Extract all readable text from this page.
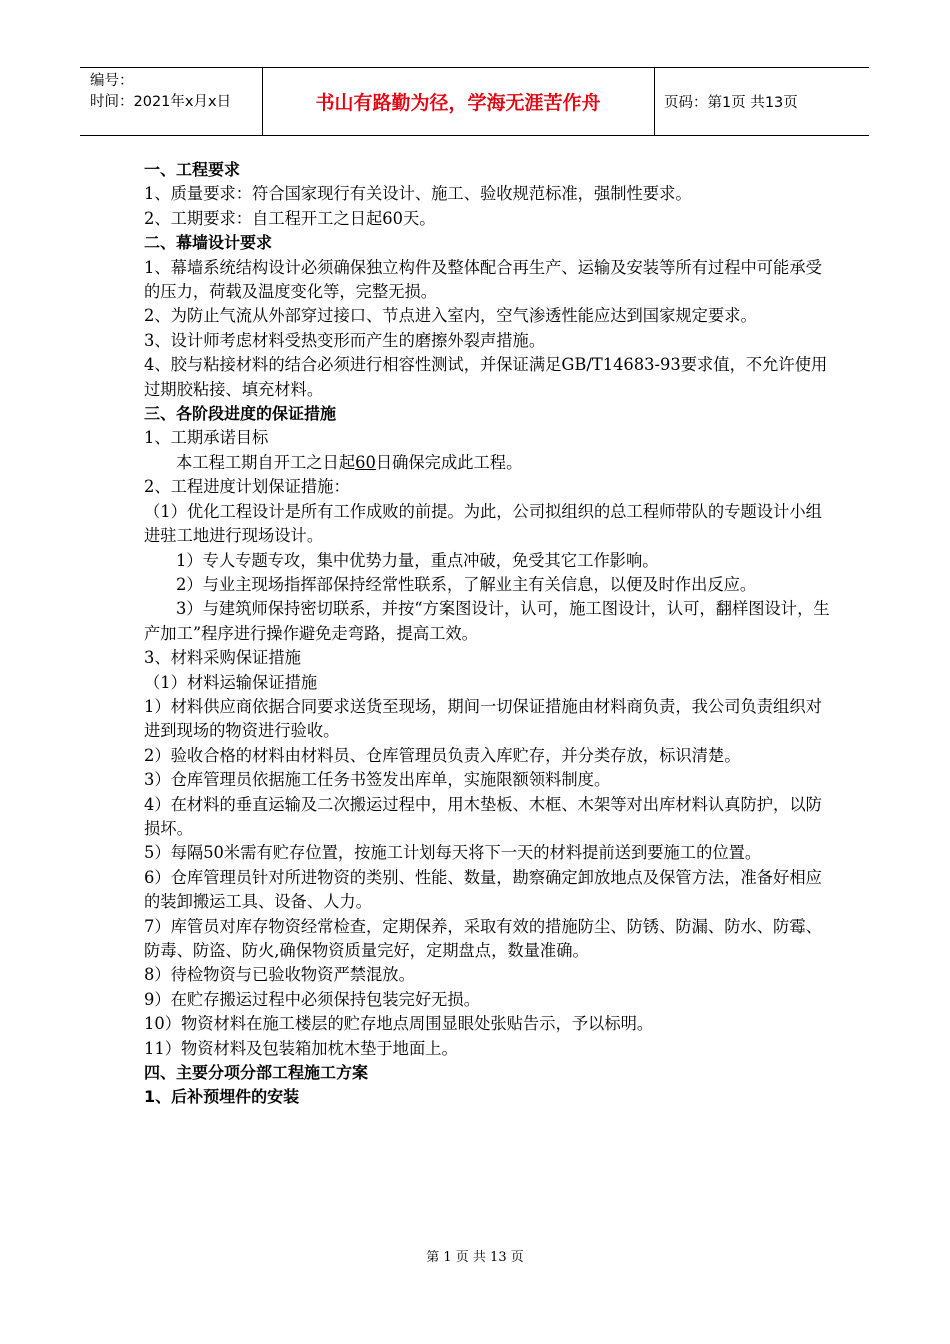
编号：
时间：2021年x月x日	书山有路勤为径，学海无涯苦作舟	页码：第1页 共13页

一、工程要求

1、质量要求：符合国家现行有关设计、施工、验收规范标准，强制性要求。

2、工期要求：自工程开工之日起60天。

二、幕墙设计要求

1、幕墙系统结构设计必须确保独立构件及整体配合再生产、运输及安装等所有过程中可能承受的压力，荷载及温度变化等，完整无损。

2、为防止气流从外部穿过接口、节点进入室内，空气渗透性能应达到国家规定要求。

3、设计师考虑材料受热变形而产生的磨擦外裂声措施。

4、胶与粘接材料的结合必须进行相容性测试，并保证满足GB/T14683-93要求值，不允许使用过期胶粘接、填充材料。

三、各阶段进度的保证措施

1、工期承诺目标

本工程工期自开工之日起60日确保完成此工程。

2、工程进度计划保证措施：

（1）优化工程设计是所有工作成败的前提。为此，公司拟组织的总工程师带队的专题设计小组进驻工地进行现场设计。

1）专人专题专攻，集中优势力量，重点冲破，免受其它工作影响。

2）与业主现场指挥部保持经常性联系，了解业主有关信息，以便及时作出反应。

3）与建筑师保持密切联系，并按“方案图设计，认可，施工图设计，认可，翻样图设计，生产加工”程序进行操作避免走弯路，提高工效。

3、材料采购保证措施

（1）材料运输保证措施

1）材料供应商依据合同要求送货至现场，期间一切保证措施由材料商负责，我公司负责组织对进到现场的物资进行验收。

2）验收合格的材料由材料员、仓库管理员负责入库贮存，并分类存放，标识清楚。

3）仓库管理员依据施工任务书签发出库单，实施限额领料制度。

4）在材料的垂直运输及二次搬运过程中，用木垫板、木框、木架等对出库材料认真防护，以防损坏。

5）每隔50米需有贮存位置，按施工计划每天将下一天的材料提前送到要施工的位置。

6）仓库管理员针对所进物资的类别、性能、数量，勘察确定卸放地点及保管方法，准备好相应的装卸搬运工具、设备、人力。

7）库管员对库存物资经常检查，定期保养，采取有效的措施防尘、防锈、防漏、防水、防霉、防毒、防盗、防火,确保物资质量完好，定期盘点，数量准确。

8）待检物资与已验收物资严禁混放。

9）在贮存搬运过程中必须保持包装完好无损。

10）物资材料在施工楼层的贮存地点周围显眼处张贴告示，予以标明。

11）物资材料及包装箱加枕木垫于地面上。

四、主要分项分部工程施工方案

1、后补预埋件的安装

第 1 页 共 13 页
